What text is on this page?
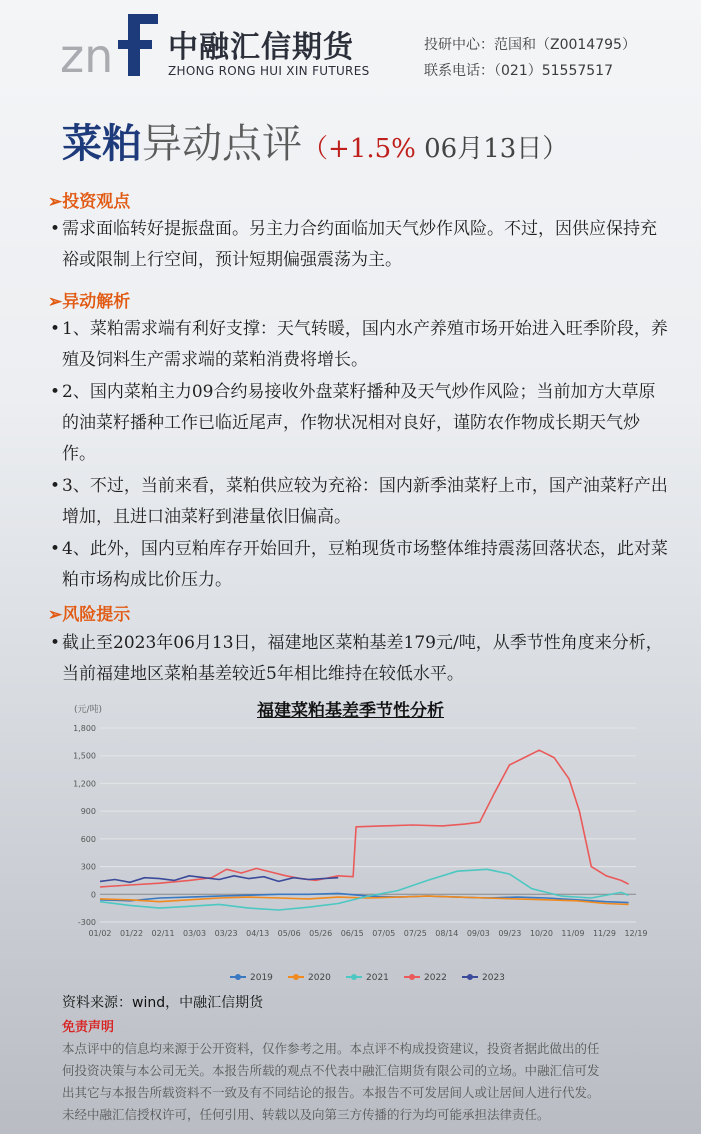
zn 中融汇信期货
ZHONG RONG HUI XIN FUTURES
投研中心：范国和（Z0014795）
联系电话：（021）51557517
菜粕异动点评（+1.5% 06月13日）
➢投资观点
• 需求面临转好提振盘面。另主力合约面临加天气炒作风险。不过，因供应保持充裕或限制上行空间，预计短期偏强震荡为主。
➢异动解析
• 1、菜粕需求端有利好支撑：天气转暖，国内水产养殖市场开始进入旺季阶段，养殖及饲料生产需求端的菜粕消费将增长。
• 2、国内菜粕主力09合约易接收外盘菜籽播种及天气炒作风险；当前加方大草原的油菜籽播种工作已临近尾声，作物状况相对良好，谨防农作物成长期天气炒作。
• 3、不过，当前来看，菜粕供应较为充裕：国内新季油菜籽上市，国产油菜籽产出增加，且进口油菜籽到港量依旧偏高。
• 4、此外，国内豆粕库存开始回升，豆粕现货市场整体维持震荡回落状态，此对菜粕市场构成比价压力。
➢风险提示
• 截止至2023年06月13日，福建地区菜粕基差179元/吨，从季节性角度来分析，当前福建地区菜粕基差较近5年相比维持在较低水平。
福建菜粕基差季节性分析
(元/吨)
-300
0
300
600
900
1,200
1,500
1,800
01/02 01/22 02/11 03/03 03/23 04/13 05/06 05/26 06/15 07/05 07/25 08/14 09/03 09/23 10/20 11/09 11/29 12/19
2019	2020	2021	2022	2023
资料来源：wind，中融汇信期货
免责声明
本点评中的信息均来源于公开资料，仅作参考之用。本点评不构成投资建议，投资者据此做出的任
何投资决策与本公司无关。本报告所载的观点不代表中融汇信期货有限公司的立场。中融汇信可发
出其它与本报告所载资料不一致及有不同结论的报告。本报告不可发居间人或让居间人进行代发。
未经中融汇信授权许可，任何引用、转载以及向第三方传播的行为均可能承担法律责任。
